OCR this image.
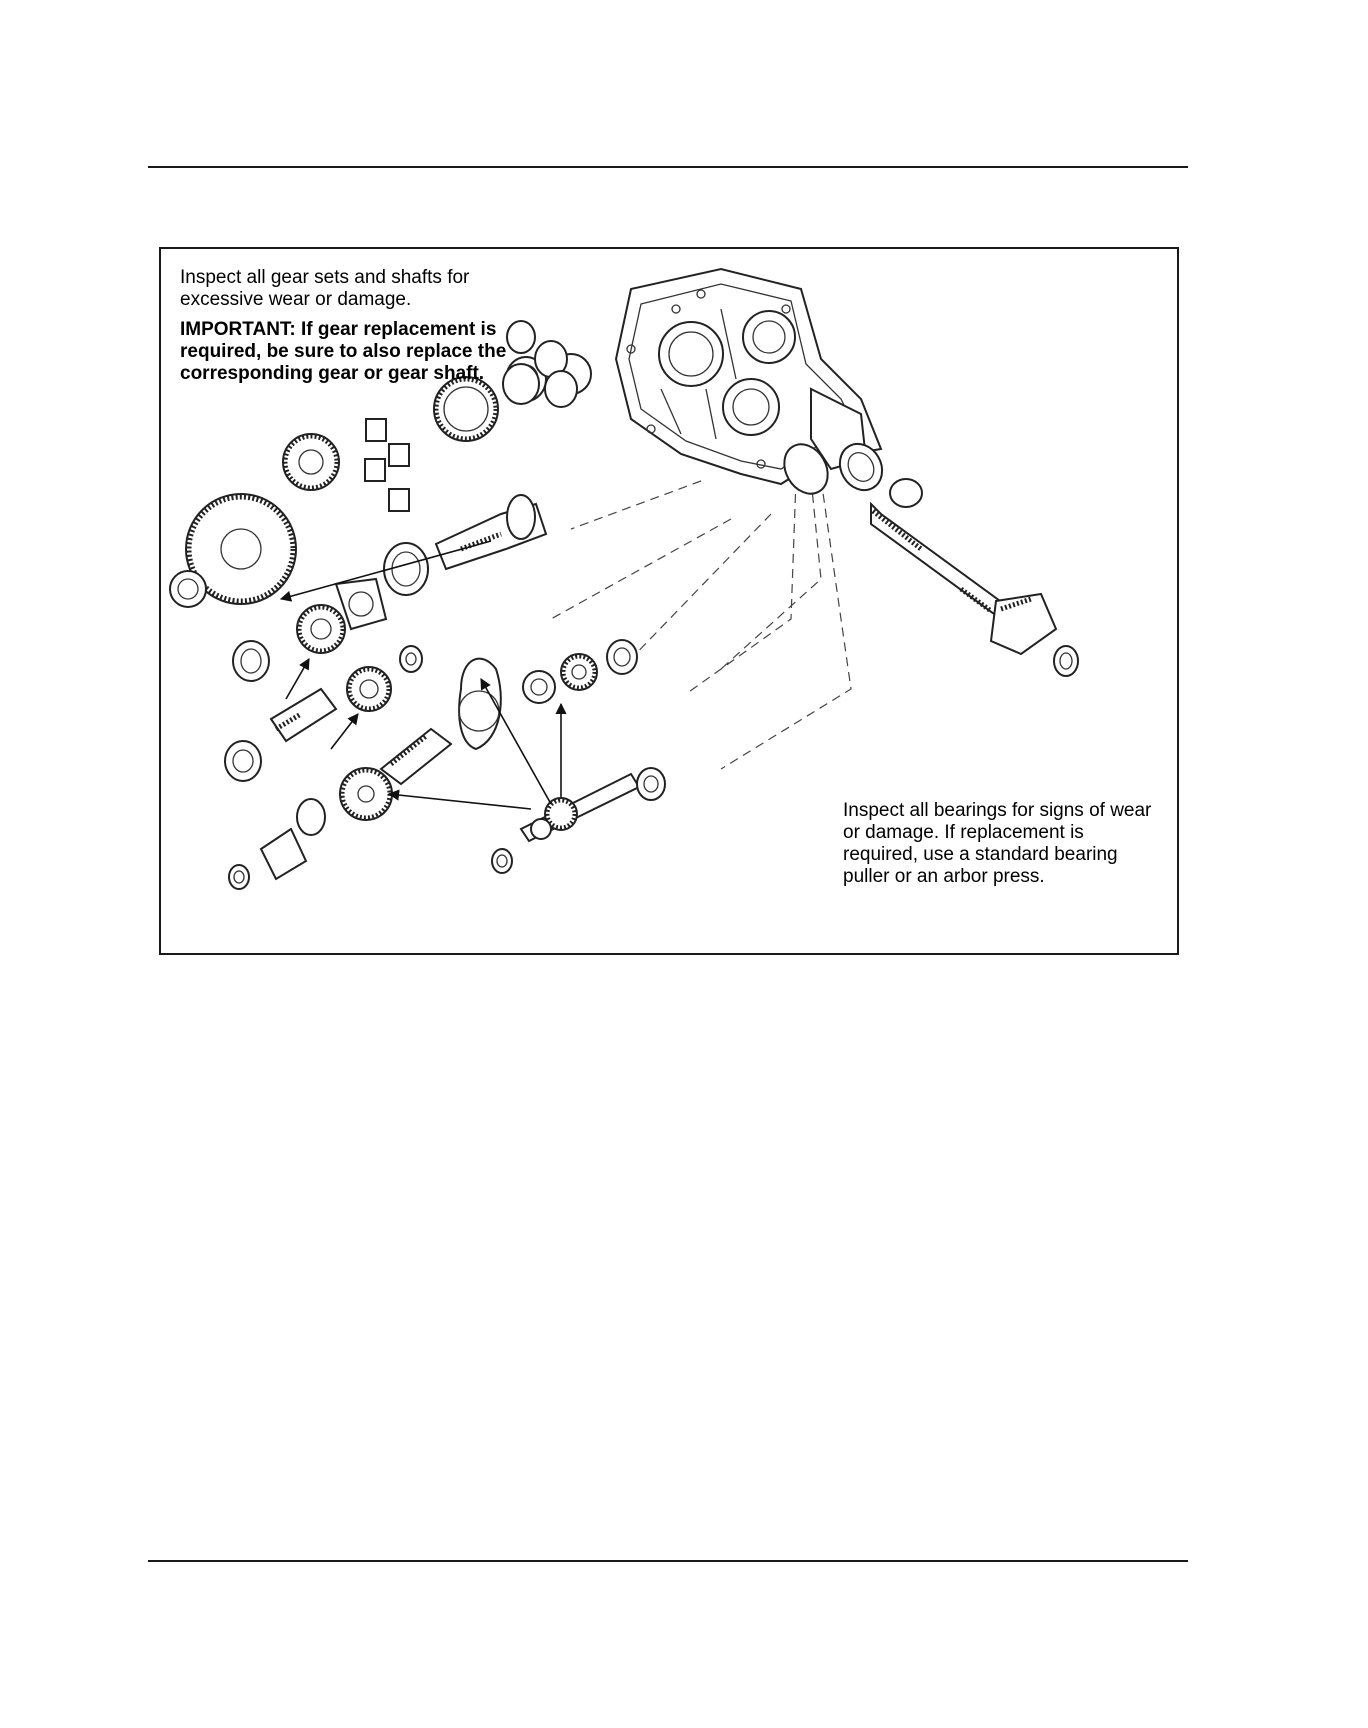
Inspect all gear sets and shafts for excessive wear or damage.
IMPORTANT: If gear replacement is required, be sure to also replace the corresponding gear or gear shaft.
Inspect all bearings for signs of wear or damage. If replacement is required, use a standard bearing puller or an arbor press.
